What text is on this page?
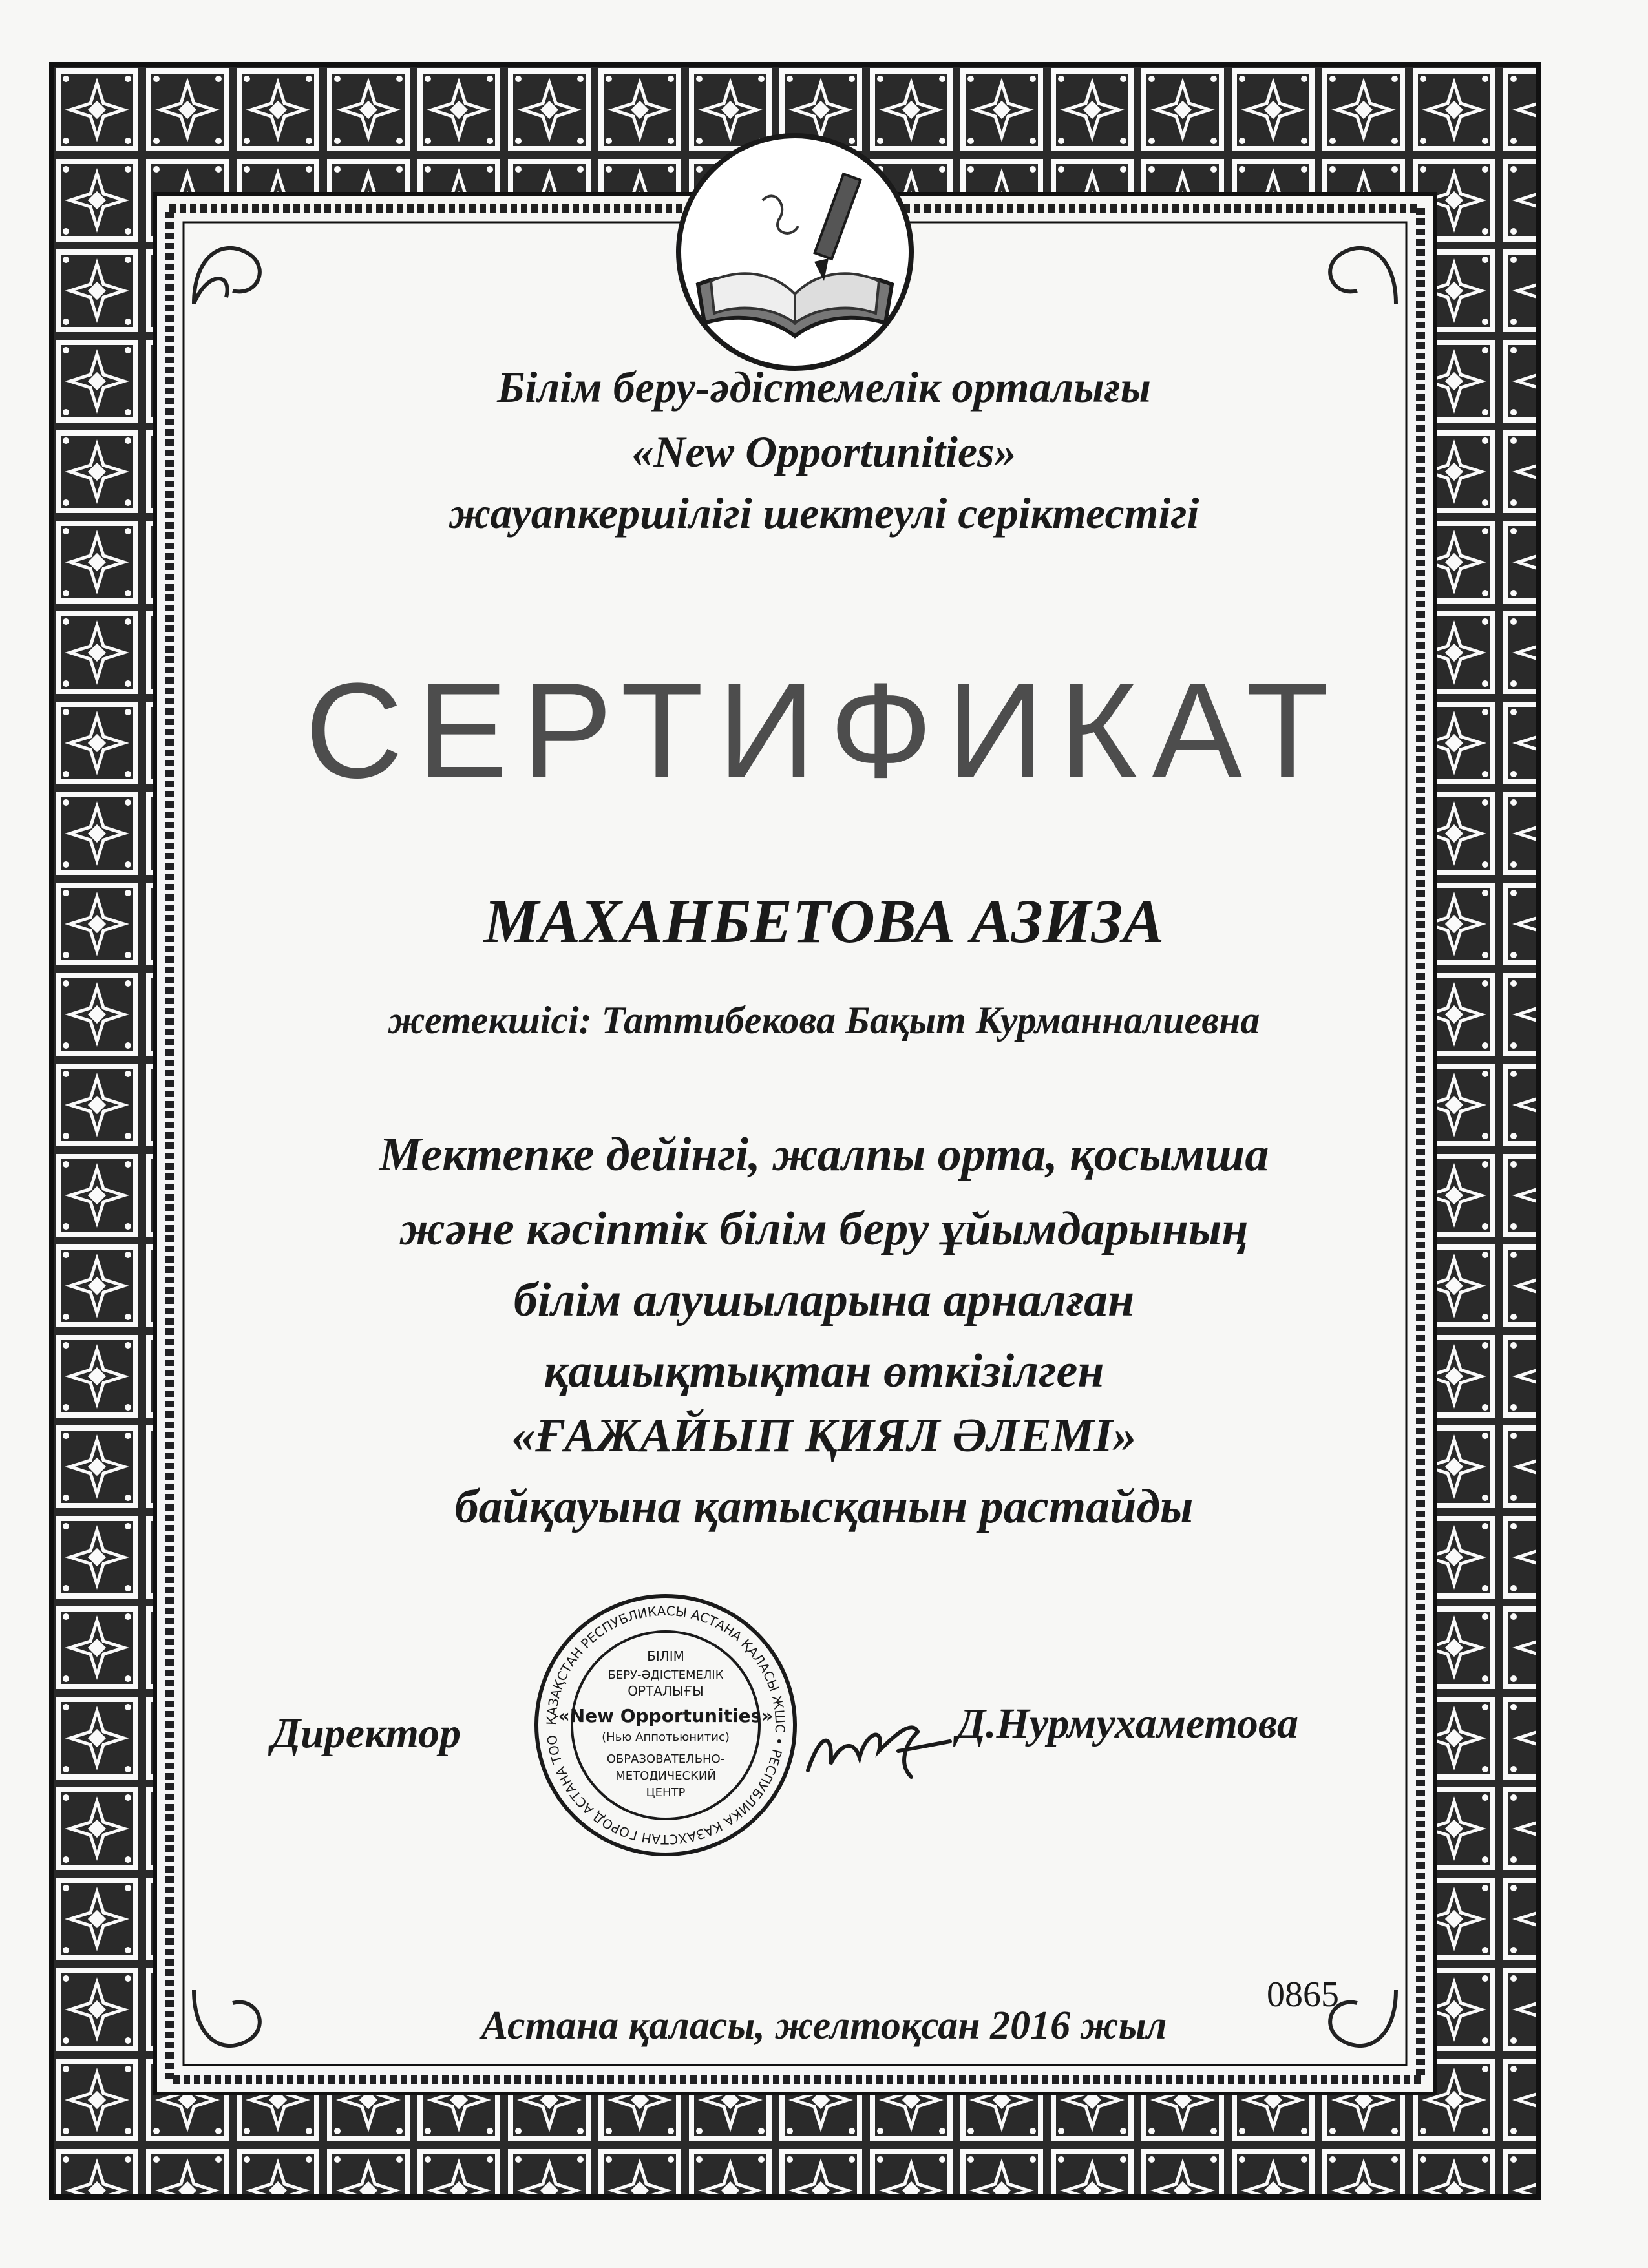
Білім беру-әдістемелік орталығы
«New Opportunities»
жауапкершілігі шектеулі серіктестігі
СЕРТИФИКАТ
МАХАНБЕТОВА АЗИЗА
жетекшісі: Таттибекова Бақыт Курманналиевна
Мектепке дейінгі, жалпы орта, қосымша
және кәсіптік білім беру ұйымдарының
білім алушыларына арналған
қашықтықтан өткізілген
«ҒАЖАЙЫП ҚИЯЛ ӘЛЕМІ»
байқауына қатысқанын растайды
Директор	ҚАЗАҚСТАН РЕСПУБЛИКАСЫ АСТАНА ҚАЛАСЫ ЖШС • РЕСПУБЛИКА КАЗАХСТАН ГОРОД АСТАНА ТОО
БІЛІМ
БЕРУ-ӘДІСТЕМЕЛІК
ОРТАЛЫҒЫ
«New Opportunities»
(Нью Аппотьюнитис)
ОБРАЗОВАТЕЛЬНО-
МЕТОДИЧЕСКИЙ
ЦЕНТР
Д.Нурмухаметова
0865
Астана қаласы, желтоқсан 2016 жыл
